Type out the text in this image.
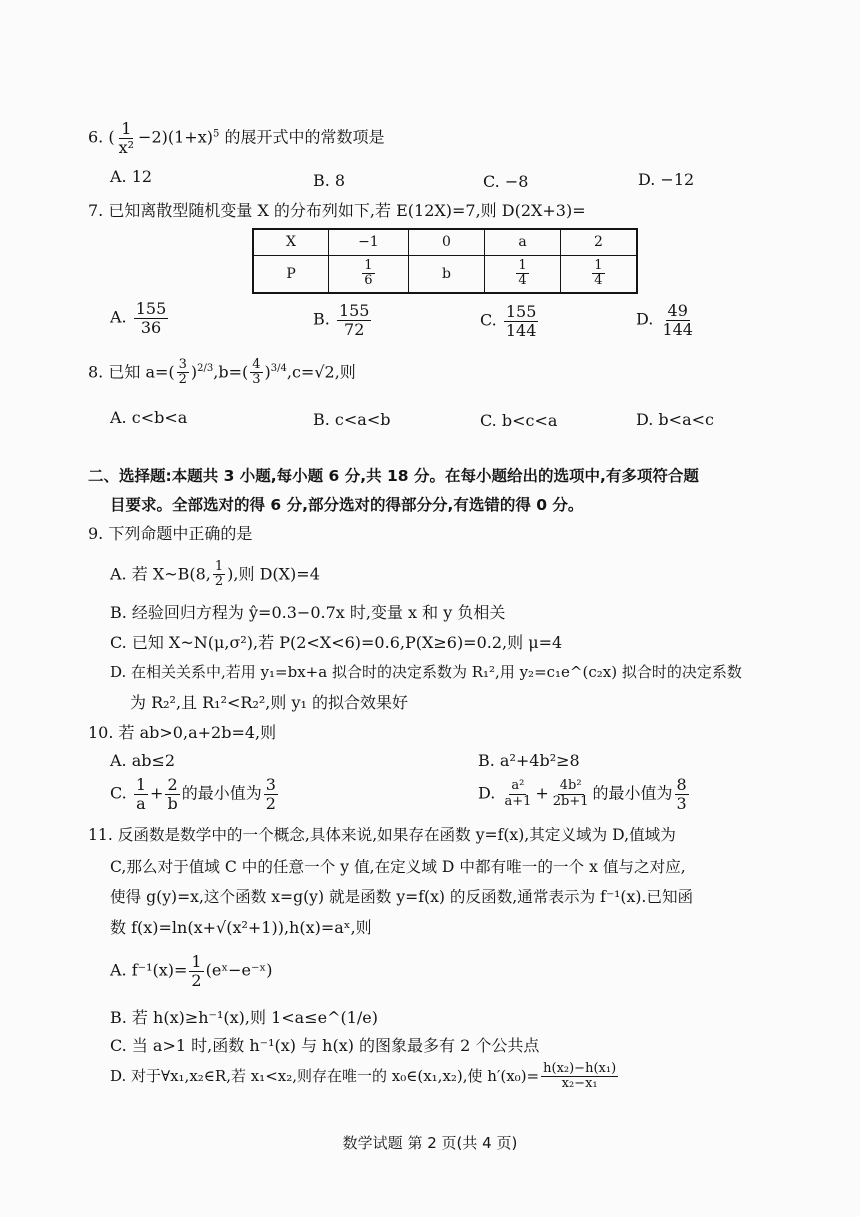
6. ( $\frac{1}{\text{x²}} -2)(1+x)^5$ 的展开式中的常数项是
A. 12	B. 8	C. −8	D. −12
7. 已知离散型随机变量 X 的分布列如下,若 E(12X)=7,则 D(2X+3)=
X	−1	0	a	2
P	$\frac{1}{6}$	b	$\frac{1}{4}$	$\frac{1}{4}$
A. $\frac{155}{36}$	B. $\frac{155}{72}$	C. $\frac{155}{144}$	D. $\frac{49}{144}$
8. 已知 $a=( \frac{3}{2} )^{2/3},b=( \frac{4}{3} )^{3/4},c=√2$,则
A. c<b<a	B. c<a<b	C. b<c<a	D. b<a<c
二、选择题:本题共 3 小题,每小题 6 分,共 18 分。在每小题给出的选项中,有多项符合题
目要求。全部选对的得 6 分,部分选对的得部分分,有选错的得 0 分。
9. 下列命题中正确的是
A. 若 X~B(8, $\frac{1}{2}$ ),则 D(X)=4
B. 经验回归方程为 ŷ=0.3−0.7x 时,变量 x 和 y 负相关
C. 已知 X~N(μ,σ²),若 P(2<X<6)=0.6,P(X≥6)=0.2,则 μ=4
D. 在相关关系中,若用 y₁=bx+a 拟合时的决定系数为 R₁²,用 y₂=c₁e^(c₂x) 拟合时的决定系数
为 R₂²,且 R₁²<R₂²,则 y₁ 的拟合效果好
10. 若 ab>0,a+2b=4,则
A. ab≤2	B. a²+4b²≥8
C. $\frac{1}{a} + \frac{2}{b}$ 的最小值为 $\frac{3}{2}$	D. $\frac{\text{a²}}{a+1} + \frac{\text{4b²}}{2b+1}$ 的最小值为 $\frac{8}{3}$
11. 反函数是数学中的一个概念,具体来说,如果存在函数 y=f(x),其定义域为 D,值域为
C,那么对于值域 C 中的任意一个 y 值,在定义域 D 中都有唯一的一个 x 值与之对应,
使得 g(y)=x,这个函数 x=g(y) 就是函数 y=f(x) 的反函数,通常表示为 f⁻¹(x).已知函
数 f(x)=ln(x+√(x²+1)),h(x)=aˣ,则
A. $f^{-1}(x)= \frac{1}{2}$ (eˣ−e⁻ˣ)
B. 若 h(x)≥h⁻¹(x),则 1<a≤e^(1/e)
C. 当 a>1 时,函数 h⁻¹(x) 与 h(x) 的图象最多有 2 个公共点
D. 对于∀x₁,x₂∈R,若 x₁<x₂,则存在唯一的 x₀∈(x₁,x₂),使 $h'(x_0)= \frac{\text{h(x₂)−h(x₁)}}{\text{x₂−x₁}}$
数学试题 第 2 页(共 4 页)
